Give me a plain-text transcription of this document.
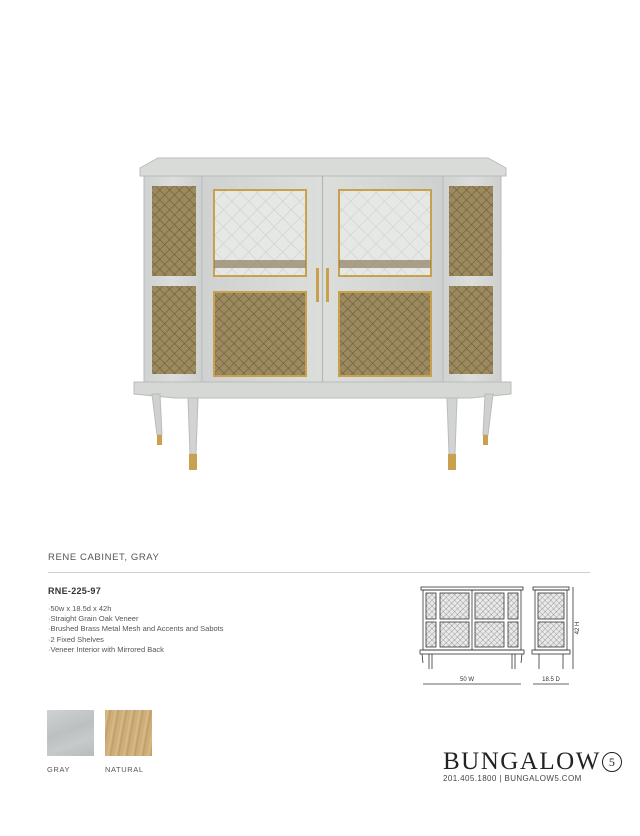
RENE CABINET, GRAY
RNE-225-97
· 50w x 18.5d x 42h
· Straight Grain Oak Veneer
· Brushed Brass Metal Mesh and Accents and Sabots
· 2 Fixed Shelves
· Veneer Interior with Mirrored Back
50 W	18.5 D
42 H
GRAY	NATURAL	BUNGALOW 5
201.405.1800 | BUNGALOW5.COM
